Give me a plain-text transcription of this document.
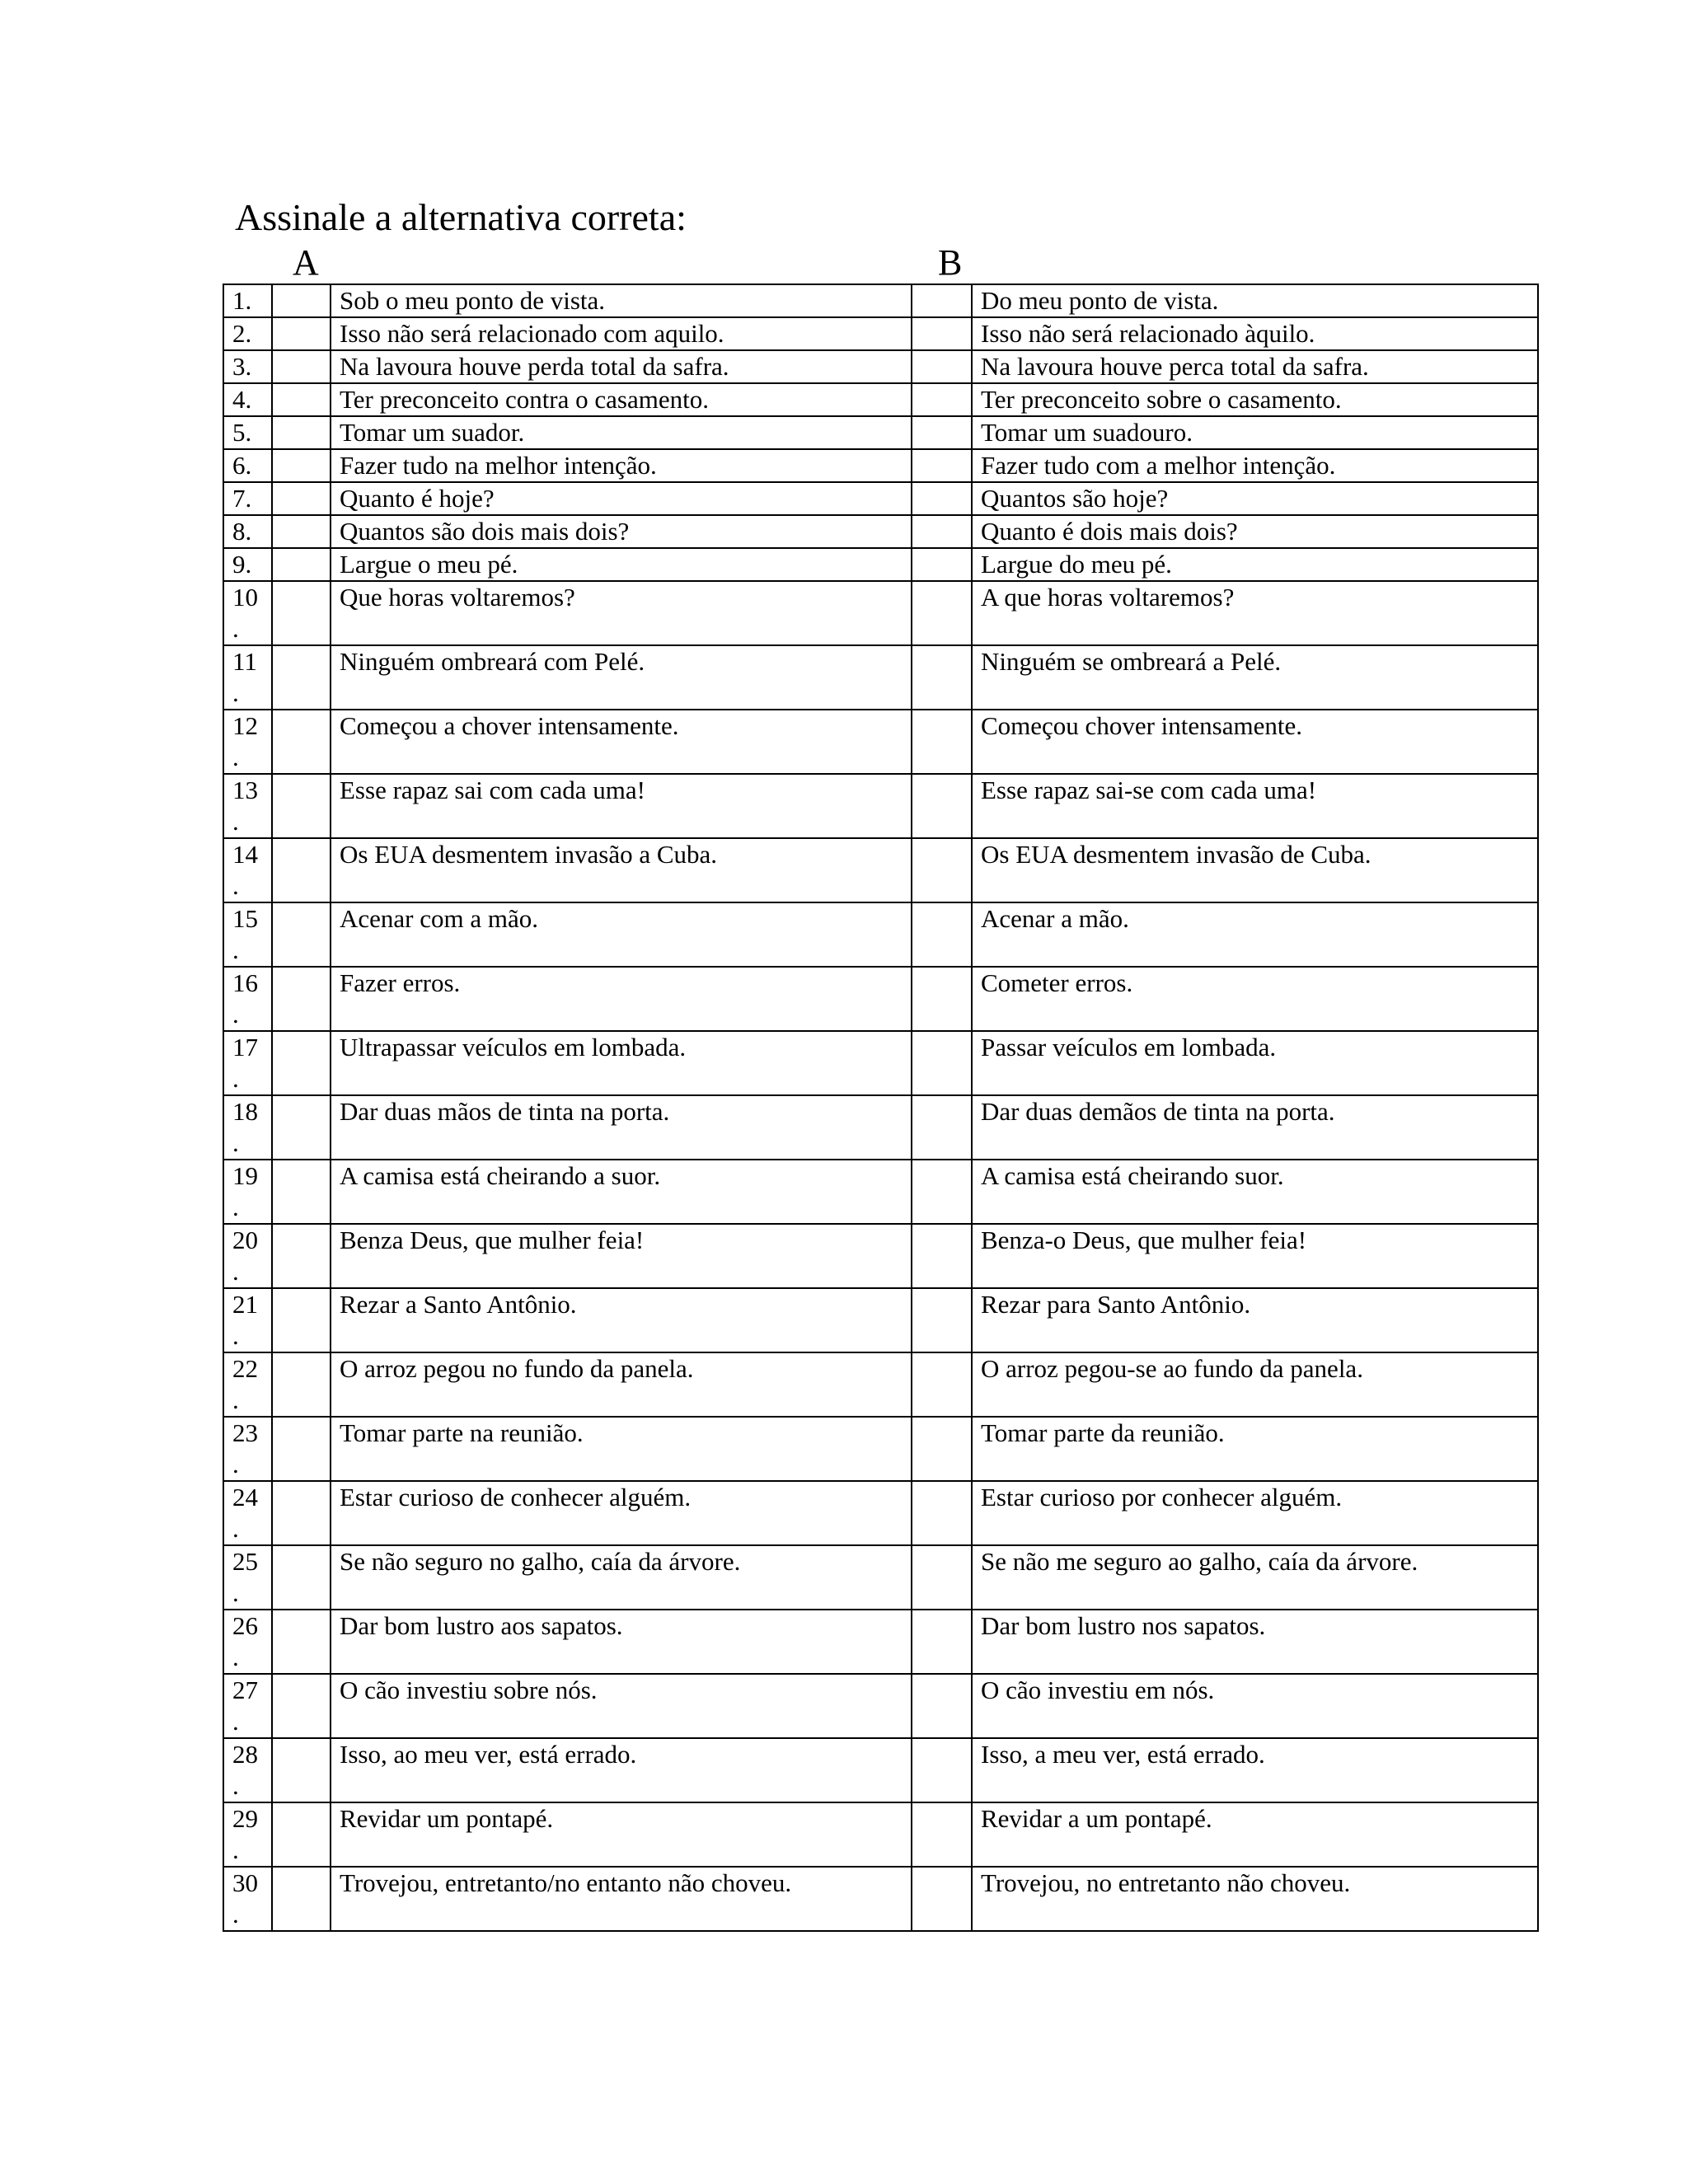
Assinale a alternativa correta:
A	B
1.		Sob o meu ponto de vista.		Do meu ponto de vista.

2.		Isso não será relacionado com aquilo.		Isso não será relacionado àquilo.

3.		Na lavoura houve perda total da safra.		Na lavoura houve perca total da safra.

4.		Ter preconceito contra o casamento.		Ter preconceito sobre o casamento.

5.		Tomar um suador.		Tomar um suadouro.

6.		Fazer tudo na melhor intenção.		Fazer tudo com a melhor intenção.

7.		Quanto é hoje?		Quantos são hoje?

8.		Quantos são dois mais dois?		Quanto é dois mais dois?

9.		Largue o meu pé.		Largue do meu pé.

10
.		Que horas voltaremos?		A que horas voltaremos?

11
.		Ninguém ombreará com Pelé.		Ninguém se ombreará a Pelé.

12
.		Começou a chover intensamente.		Começou chover intensamente.

13
.		Esse rapaz sai com cada uma!		Esse rapaz sai-se com cada uma!

14
.		Os EUA desmentem invasão a Cuba.		Os EUA desmentem invasão de Cuba.

15
.		Acenar com a mão.		Acenar a mão.

16
.		Fazer erros.		Cometer erros.

17
.		Ultrapassar veículos em lombada.		Passar veículos em lombada.

18
.		Dar duas mãos de tinta na porta.		Dar duas demãos de tinta na porta.

19
.		A camisa está cheirando a suor.		A camisa está cheirando suor.

20
.		Benza Deus, que mulher feia!		Benza-o Deus, que mulher feia!

21
.		Rezar a Santo Antônio.		Rezar para Santo Antônio.

22
.		O arroz pegou no fundo da panela.		O arroz pegou-se ao fundo da panela.

23
.		Tomar parte na reunião.		Tomar parte da reunião.

24
.		Estar curioso de conhecer alguém.		Estar curioso por conhecer alguém.

25
.		Se não seguro no galho, caía da árvore.		Se não me seguro ao galho, caía da árvore.

26
.		Dar bom lustro aos sapatos.		Dar bom lustro nos sapatos.

27
.		O cão investiu sobre nós.		O cão investiu em nós.

28
.		Isso, ao meu ver, está errado.		Isso, a meu ver, está errado.

29
.		Revidar um pontapé.		Revidar a um pontapé.

30
.		Trovejou, entretanto/no entanto não choveu.		Trovejou, no entretanto não choveu.
